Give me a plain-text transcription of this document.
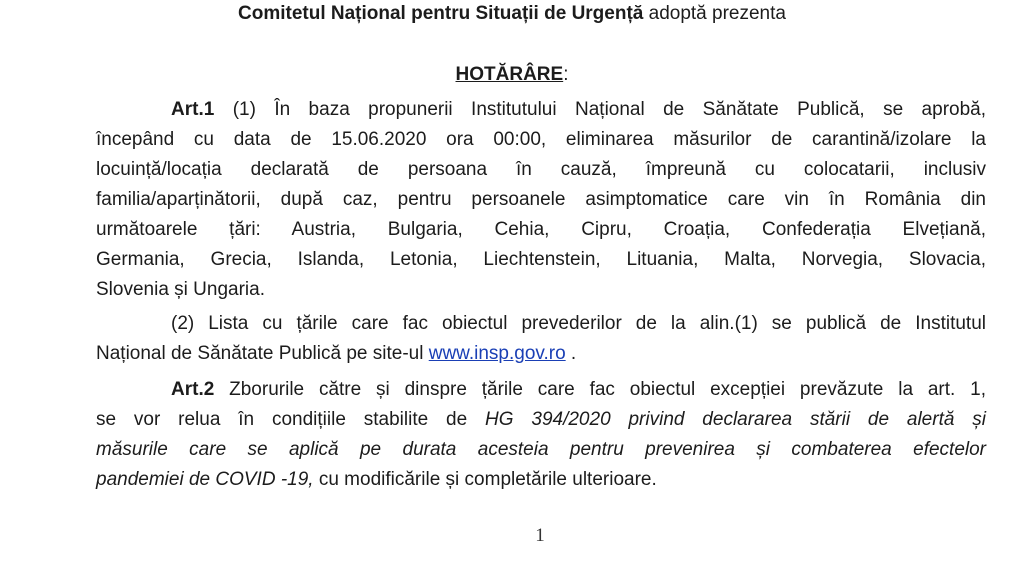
Comitetul Național pentru Situații de Urgență adoptă prezenta
HOTĂRÂRE:
Art.1 (1) În baza propunerii Institutului Național de Sănătate Publică, se aprobă,
începând cu data de 15.06.2020 ora 00:00, eliminarea măsurilor de carantină/izolare la
locuință/locația declarată de persoana în cauză, împreună cu colocatarii, inclusiv
familia/aparținătorii, după caz, pentru persoanele asimptomatice care vin în România din
următoarele țări: Austria, Bulgaria, Cehia, Cipru, Croația, Confederația Elvețiană,
Germania, Grecia, Islanda, Letonia, Liechtenstein, Lituania, Malta, Norvegia, Slovacia,
Slovenia și Ungaria.
(2) Lista cu țările care fac obiectul prevederilor de la alin.(1) se publică de Institutul
Național de Sănătate Publică pe site-ul www.insp.gov.ro .
Art.2 Zborurile către și dinspre țările care fac obiectul excepției prevăzute la art. 1,
se vor relua în condițiile stabilite de HG 394/2020 privind declararea stării de alertă și
măsurile care se aplică pe durata acesteia pentru prevenirea și combaterea efectelor
pandemiei de COVID -19, cu modificările și completările ulterioare.
1
